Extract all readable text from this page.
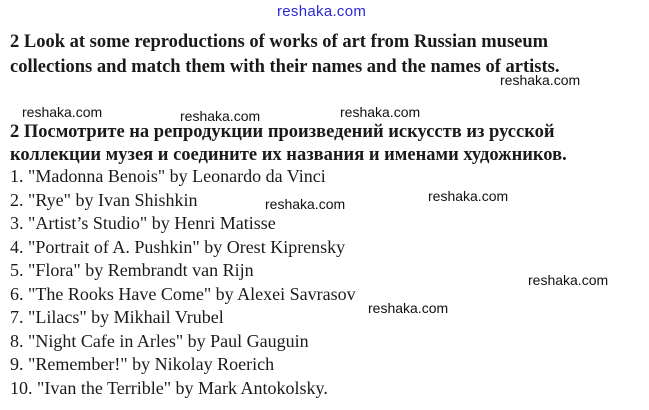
reshaka.com
reshaka.com
reshaka.com	reshaka.com	reshaka.com
reshaka.com	reshaka.com
reshaka.com
reshaka.com
2 Look at some reproductions of works of art from Russian museum
collections and match them with their names and the names of artists.
2 Посмотрите на репродукции произведений искусств из русской
коллекции музея и соедините их названия и именами художников.
1. "Madonna Benois" by Leonardo da Vinci
2. "Rye" by Ivan Shishkin
3. "Artist’s Studio" by Henri Matisse
4. "Portrait of A. Pushkin" by Orest Kiprensky
5. "Flora" by Rembrandt van Rijn
6. "The Rooks Have Come" by Alexei Savrasov
7. "Lilacs" by Mikhail Vrubel
8. "Night Cafe in Arles" by Paul Gauguin
9. "Remember!" by Nikolay Roerich
10. "Ivan the Terrible" by Mark Antokolsky.
